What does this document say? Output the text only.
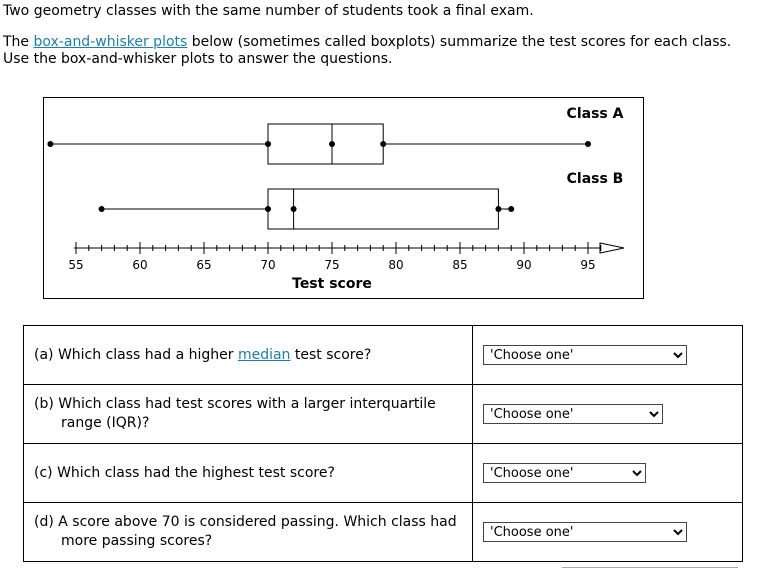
Two geometry classes with the same number of students took a final exam.
The box-and-whisker plots below (sometimes called boxplots) summarize the test scores for each class.
Use the box-and-whisker plots to answer the questions.
55	60	65	70	75	80	85	90	95
Test score
Class A
Class B
(a) Which class had a higher median test score?

'Choose one'

(b) Which class had test scores with a larger interquartile range (IQR)?

'Choose one'

(c) Which class had the highest test score?

'Choose one'

(d) A score above 70 is considered passing. Which class had more passing scores?

'Choose one'
